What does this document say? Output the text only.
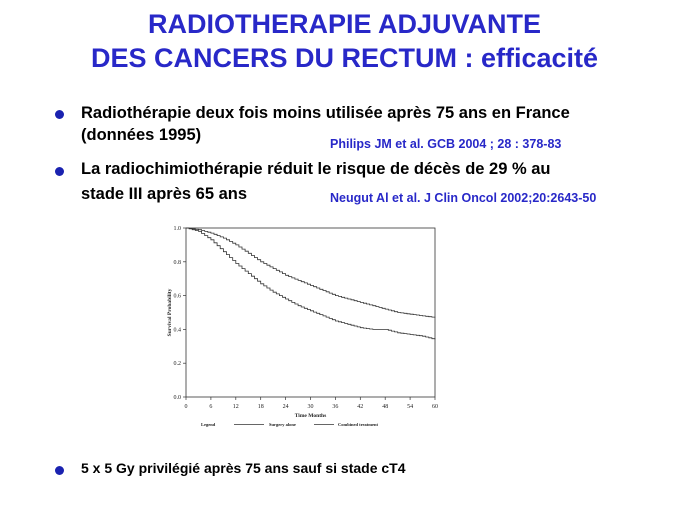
RADIOTHERAPIE ADJUVANTE
DES CANCERS DU RECTUM : efficacité
Radiothérapie deux fois moins utilisée après 75 ans en France
(données 1995)	Philips JM et al. GCB 2004 ; 28 : 378-83
La radiochimiothérapie réduit le risque de décès de 29 % au
stade III après 65 ans	Neugut Al et al. J Clin Oncol 2002;20:2643-50
0	6	12	18	24	30	36	42	48	54	60
0.0
0.2
0.4
0.6
0.8
1.0
Time Months
Survival Probability
Legend	Surgery alone	Combined treatment
5 x 5 Gy privilégié après 75 ans sauf si stade cT4
